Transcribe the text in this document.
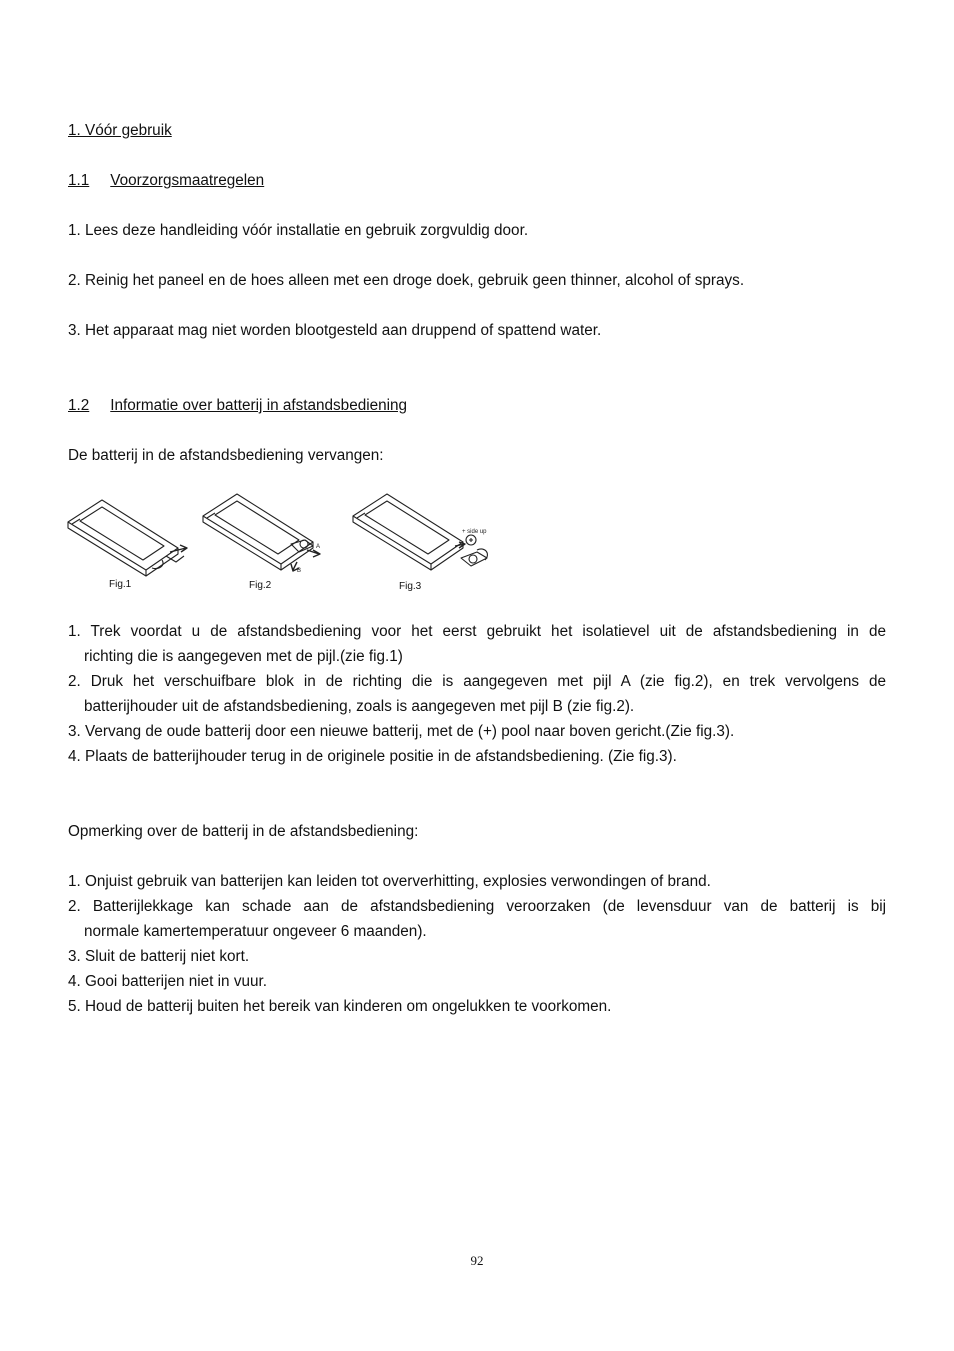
1. Vóór gebruik
1.1 Voorzorgsmaatregelen
1. Lees deze handleiding vóór installatie en gebruik zorgvuldig door.
2. Reinig het paneel en de hoes alleen met een droge doek, gebruik geen thinner, alcohol of sprays.
3. Het apparaat mag niet worden blootgesteld aan druppend of spattend water.
1.2 Informatie over batterij in afstandsbediening
De batterij in de afstandsbediening vervangen:
A
B
+ side up
Fig.1	Fig.2	Fig.3
1. Trek voordat u de afstandsbediening voor het eerst gebruikt het isolatievel uit de afstandsbediening in de
richting die is aangegeven met de pijl.(zie fig.1)
2. Druk het verschuifbare blok in de richting die is aangegeven met pijl A (zie fig.2), en trek vervolgens de
batterijhouder uit de afstandsbediening, zoals is aangegeven met pijl B (zie fig.2).
3. Vervang de oude batterij door een nieuwe batterij, met de (+) pool naar boven gericht.(Zie fig.3).
4. Plaats de batterijhouder terug in de originele positie in de afstandsbediening. (Zie fig.3).
Opmerking over de batterij in de afstandsbediening:
1. Onjuist gebruik van batterijen kan leiden tot oververhitting, explosies verwondingen of brand.
2. Batterijlekkage kan schade aan de afstandsbediening veroorzaken (de levensduur van de batterij is bij
normale kamertemperatuur ongeveer 6 maanden).
3. Sluit de batterij niet kort.
4. Gooi batterijen niet in vuur.
5. Houd de batterij buiten het bereik van kinderen om ongelukken te voorkomen.
92
